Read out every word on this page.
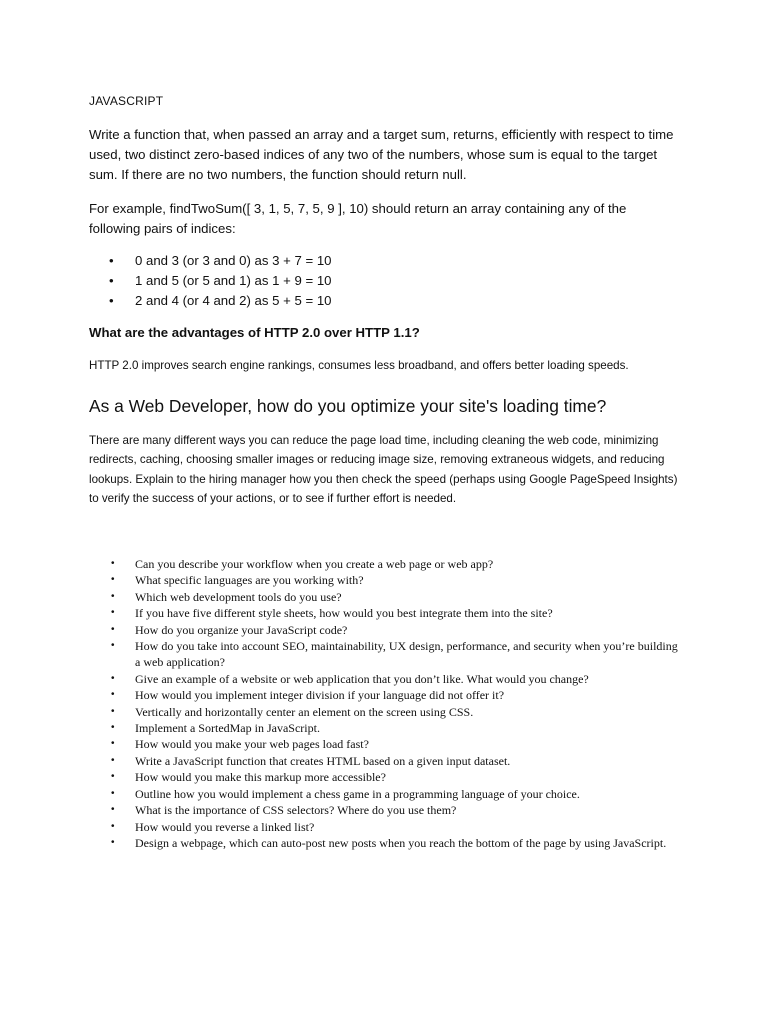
JAVASCRIPT

Write a function that, when passed an array and a target sum, returns, efficiently with respect to time used, two distinct zero-based indices of any two of the numbers, whose sum is equal to the target sum. If there are no two numbers, the function should return null.

For example, findTwoSum([ 3, 1, 5, 7, 5, 9 ], 10) should return an array containing any of the following pairs of indices:

• 0 and 3 (or 3 and 0) as 3 + 7 = 10
• 1 and 5 (or 5 and 1) as 1 + 9 = 10
• 2 and 4 (or 4 and 2) as 5 + 5 = 10

What are the advantages of HTTP 2.0 over HTTP 1.1?

HTTP 2.0 improves search engine rankings, consumes less broadband, and offers better loading speeds.

As a Web Developer, how do you optimize your site's loading time?

There are many different ways you can reduce the page load time, including cleaning the web code, minimizing redirects, caching, choosing smaller images or reducing image size, removing extraneous widgets, and reducing lookups. Explain to the hiring manager how you then check the speed (perhaps using Google PageSpeed Insights) to verify the success of your actions, or to see if further effort is needed.

• Can you describe your workflow when you create a web page or web app?
• What specific languages are you working with?
• Which web development tools do you use?
• If you have five different style sheets, how would you best integrate them into the site?
• How do you organize your JavaScript code?
• How do you take into account SEO, maintainability, UX design, performance, and security when you’re building a web application?
• Give an example of a website or web application that you don’t like. What would you change?
• How would you implement integer division if your language did not offer it?
• Vertically and horizontally center an element on the screen using CSS.
• Implement a SortedMap in JavaScript.
• How would you make your web pages load fast?
• Write a JavaScript function that creates HTML based on a given input dataset.
• How would you make this markup more accessible?
• Outline how you would implement a chess game in a programming language of your choice.
• What is the importance of CSS selectors? Where do you use them?
• How would you reverse a linked list?
• Design a webpage, which can auto-post new posts when you reach the bottom of the page by using JavaScript.
